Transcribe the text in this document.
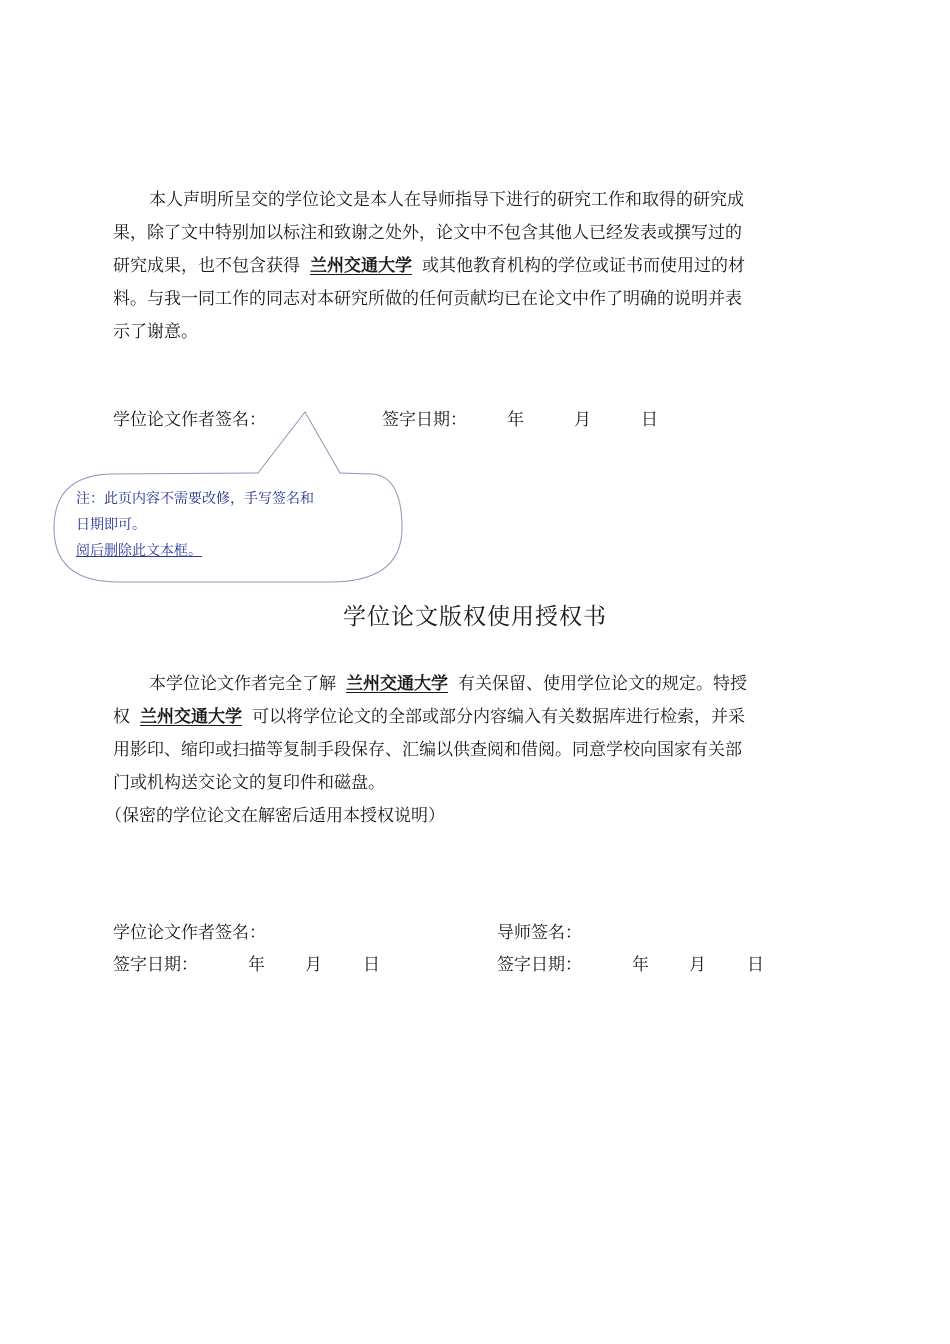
本人声明所呈交的学位论文是本人在导师指导下进行的研究工作和取得的研究成
果，除了文中特别加以标注和致谢之处外，论文中不包含其他人已经发表或撰写过的
研究成果，也不包含获得 兰州交通大学 或其他教育机构的学位或证书而使用过的材
料。与我一同工作的同志对本研究所做的任何贡献均已在论文中作了明确的说明并表
示了谢意。
学位论文作者签名：	签字日期： 年	月	日
注：此页内容不需要改修，手写签名和
日期即可。
阅后删除此文本框。
学位论文版权使用授权书
本学位论文作者完全了解 兰州交通大学 有关保留、使用学位论文的规定。特授
权 兰州交通大学 可以将学位论文的全部或部分内容编入有关数据库进行检索，并采
用影印、缩印或扫描等复制手段保存、汇编以供查阅和借阅。同意学校向国家有关部
门或机构送交论文的复印件和磁盘。
（保密的学位论文在解密后适用本授权说明）
学位论文作者签名：	导师签名：
签字日期：	年 月 日	签字日期：	年 月 日
